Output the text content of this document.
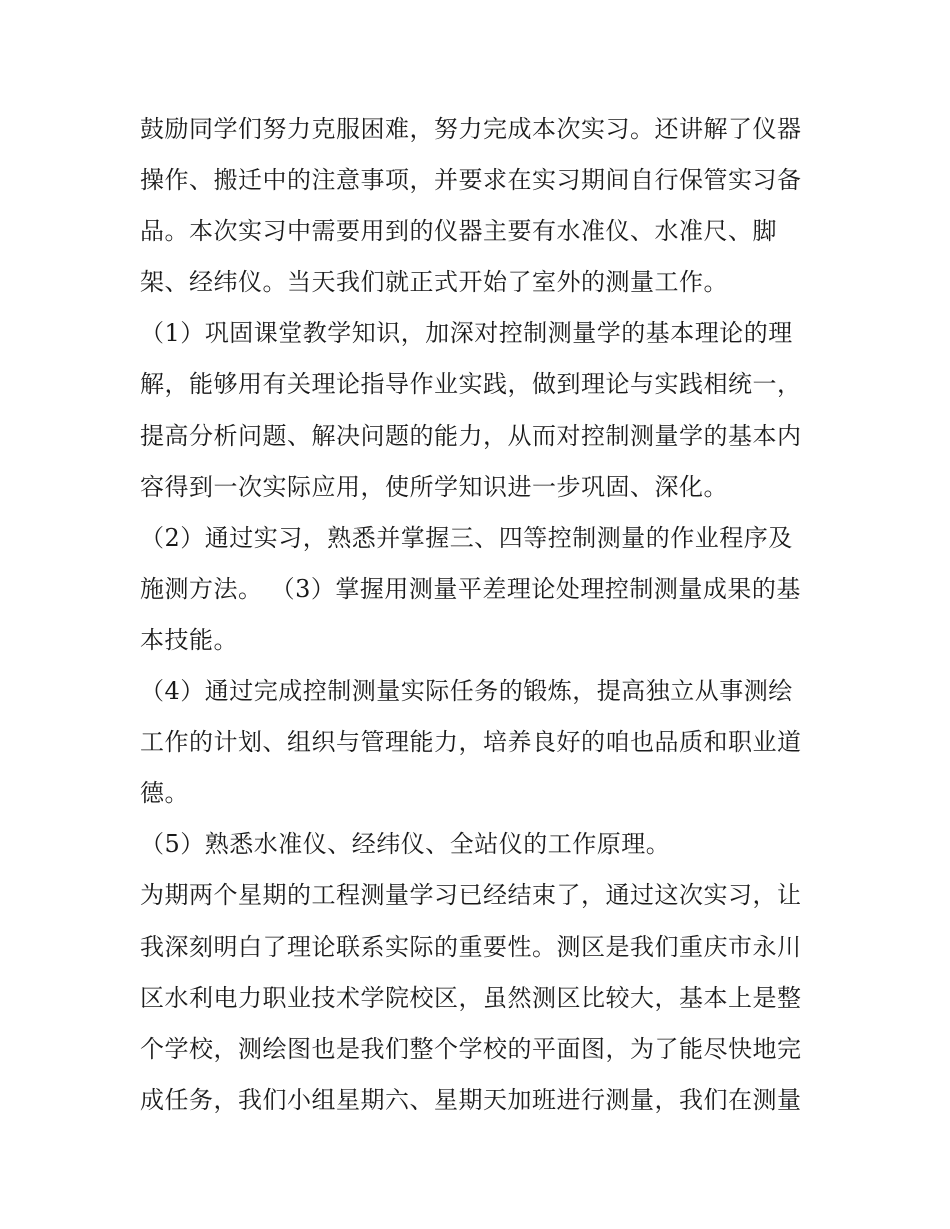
鼓励同学们努力克服困难，努力完成本次实习。还讲解了仪器
操作、搬迁中的注意事项，并要求在实习期间自行保管实习备
品。本次实习中需要用到的仪器主要有水准仪、水准尺、脚
架、经纬仪。当天我们就正式开始了室外的测量工作。
（1）巩固课堂教学知识，加深对控制测量学的基本理论的理
解，能够用有关理论指导作业实践，做到理论与实践相统一，
提高分析问题、解决问题的能力，从而对控制测量学的基本内
容得到一次实际应用，使所学知识进一步巩固、深化。
（2）通过实习，熟悉并掌握三、四等控制测量的作业程序及
施测方法。 （3）掌握用测量平差理论处理控制测量成果的基
本技能。
（4）通过完成控制测量实际任务的锻炼，提高独立从事测绘
工作的计划、组织与管理能力，培养良好的咱也品质和职业道
德。
（5）熟悉水准仪、经纬仪、全站仪的工作原理。
为期两个星期的工程测量学习已经结束了，通过这次实习，让
我深刻明白了理论联系实际的重要性。测区是我们重庆市永川
区水利电力职业技术学院校区，虽然测区比较大，基本上是整
个学校，测绘图也是我们整个学校的平面图，为了能尽快地完
成任务，我们小组星期六、星期天加班进行测量，我们在测量
